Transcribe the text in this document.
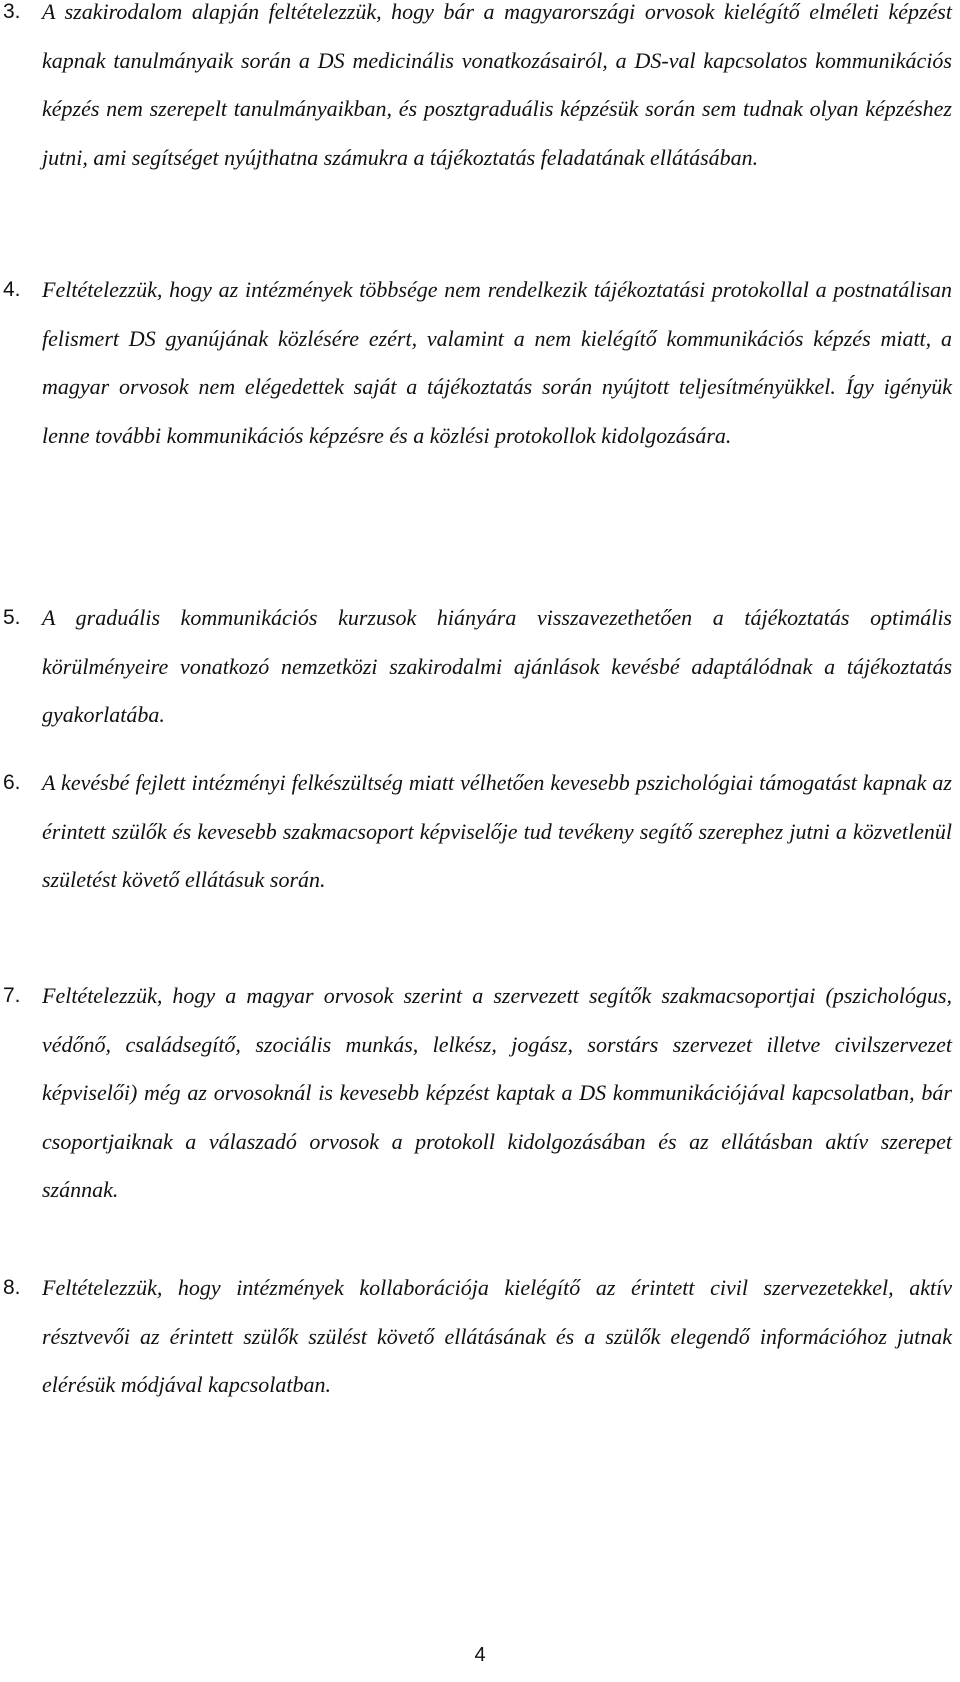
3. A szakirodalom alapján feltételezzük, hogy bár a magyarországi orvosok kielégítő elméleti képzést kapnak tanulmányaik során a DS medicinális vonatkozásairól, a DS-val kapcsolatos kommunikációs képzés nem szerepelt tanulmányaikban, és posztgraduális képzésük során sem tudnak olyan képzéshez jutni, ami segítséget nyújthatna számukra a tájékoztatás feladatának ellátásában.
4. Feltételezzük, hogy az intézmények többsége nem rendelkezik tájékoztatási protokollal a postnatálisan felismert DS gyanújának közlésére ezért, valamint a nem kielégítő kommunikációs képzés miatt, a magyar orvosok nem elégedettek saját a tájékoztatás során nyújtott teljesítményükkel. Így igényük lenne további kommunikációs képzésre és a közlési protokollok kidolgozására.
5. A graduális kommunikációs kurzusok hiányára visszavezethetően a tájékoztatás optimális körülményeire vonatkozó nemzetközi szakirodalmi ajánlások kevésbé adaptálódnak a tájékoztatás gyakorlatába.
6. A kevésbé fejlett intézményi felkészültség miatt vélhetően kevesebb pszichológiai támogatást kapnak az érintett szülők és kevesebb szakmacsoport képviselője tud tevékeny segítő szerephez jutni a közvetlenül születést követő ellátásuk során.
7. Feltételezzük, hogy a magyar orvosok szerint a szervezett segítők szakmacsoportjai (pszichológus, védőnő, családsegítő, szociális munkás, lelkész, jogász, sorstárs szervezet illetve civilszervezet képviselői) még az orvosoknál is kevesebb képzést kaptak a DS kommunikációjával kapcsolatban, bár csoportjaiknak a válaszadó orvosok a protokoll kidolgozásában és az ellátásban aktív szerepet szánnak.
8. Feltételezzük, hogy intézmények kollaborációja kielégítő az érintett civil szervezetekkel, aktív résztvevői az érintett szülők szülést követő ellátásának és a szülők elegendő információhoz jutnak elérésük módjával kapcsolatban.
4
